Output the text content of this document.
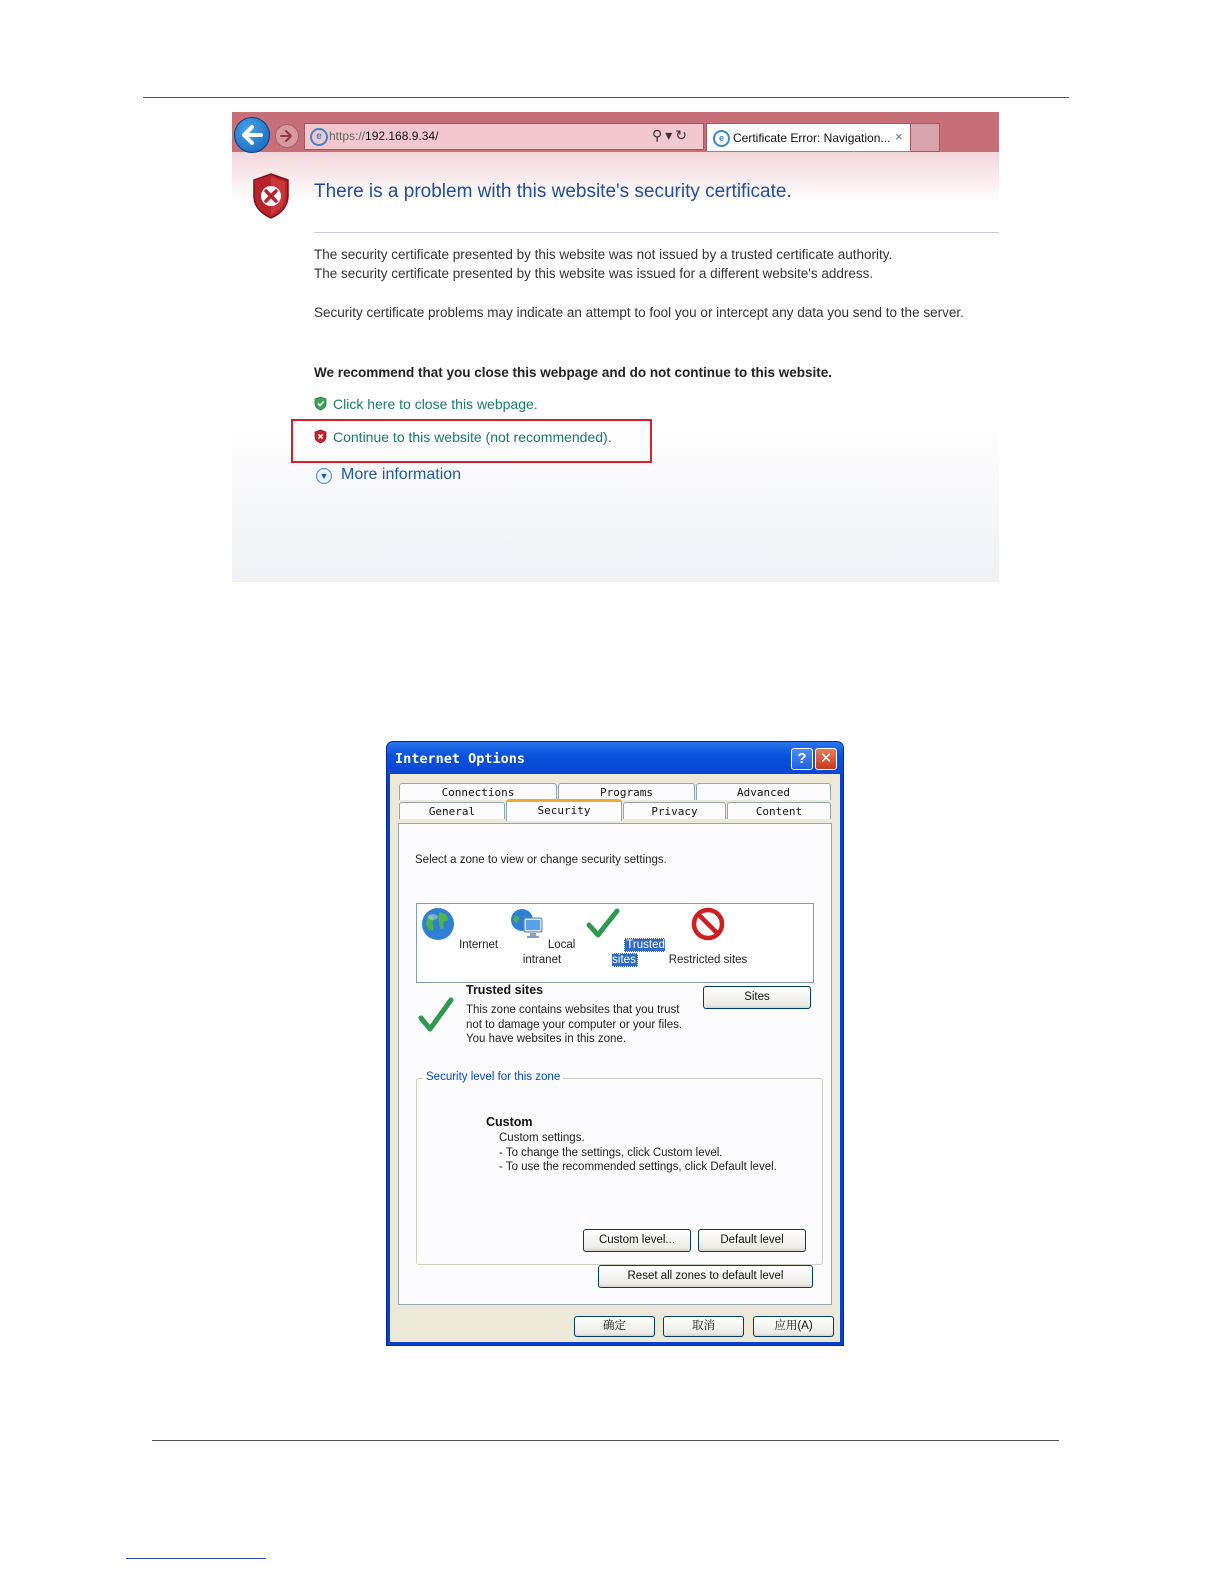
e https://192.168.9.34/	⚲▾↻	e Certificate Error: Navigation... ×
There is a problem with this website's security certificate.
The security certificate presented by this website was not issued by a trusted certificate authority.
The security certificate presented by this website was issued for a different website's address.
Security certificate problems may indicate an attempt to fool you or intercept any data you send to the server.
We recommend that you close this webpage and do not continue to this website.
Click here to close this webpage.
Continue to this website (not recommended).
▼ More information
Internet Options	? ✕
Connections	Programs	Advanced
General	Security	Privacy	Content
Select a zone to view or change security settings.
Internet	Local intranet
Trusted sites	Restricted sites
Trusted sites
This zone contains websites that you trust not to damage your computer or your files.
You have websites in this zone.
Sites
Security level for this zone
Custom
Custom settings.
- To change the settings, click Custom level.
- To use the recommended settings, click Default level.
Custom level...	Default level
Reset all zones to default level
确定	取消	应用(A)
